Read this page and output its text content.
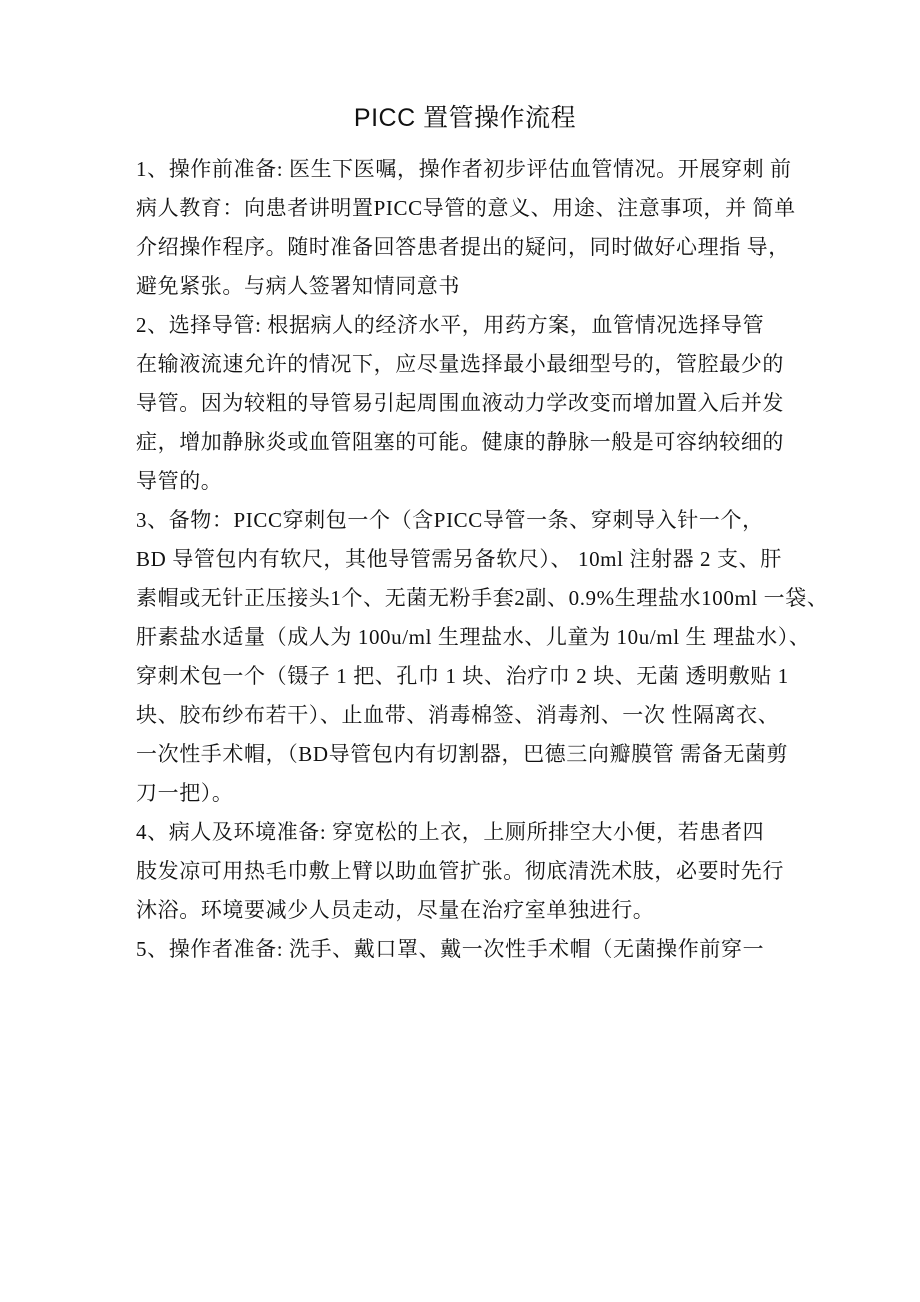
PICC 置管操作流程
1、操作前准备: 医生下医嘱，操作者初步评估血管情况。开展穿刺 前
病人教育：向患者讲明置PICC导管的意义、用途、注意事项，并 简单
介绍操作程序。随时准备回答患者提出的疑问，同时做好心理指 导，
避免紧张。与病人签署知情同意书
2、选择导管: 根据病人的经济水平，用药方案，血管情况选择导管
在输液流速允许的情况下，应尽量选择最小最细型号的，管腔最少的
导管。因为较粗的导管易引起周围血液动力学改变而增加置入后并发
症，增加静脉炎或血管阻塞的可能。健康的静脉一般是可容纳较细的
导管的。
3、备物：PICC穿刺包一个（含PICC导管一条、穿刺导入针一个，
BD 导管包内有软尺，其他导管需另备软尺）、 10ml 注射器 2 支、肝
素帽或无针正压接头1个、无菌无粉手套2副、0.9%生理盐水100ml 一袋、
肝素盐水适量（成人为 100u/ml 生理盐水、儿童为 10u/ml 生 理盐水）、
穿刺术包一个（镊子 1 把、孔巾 1 块、治疗巾 2 块、无菌 透明敷贴 1
块、胶布纱布若干）、止血带、消毒棉签、消毒剂、一次 性隔离衣、
一次性手术帽，（BD导管包内有切割器，巴德三向瓣膜管 需备无菌剪
刀一把）。
4、病人及环境准备: 穿宽松的上衣，上厕所排空大小便，若患者四
肢发凉可用热毛巾敷上臂以助血管扩张。彻底清洗术肢，必要时先行
沐浴。环境要减少人员走动，尽量在治疗室单独进行。
5、操作者准备: 洗手、戴口罩、戴一次性手术帽（无菌操作前穿一
